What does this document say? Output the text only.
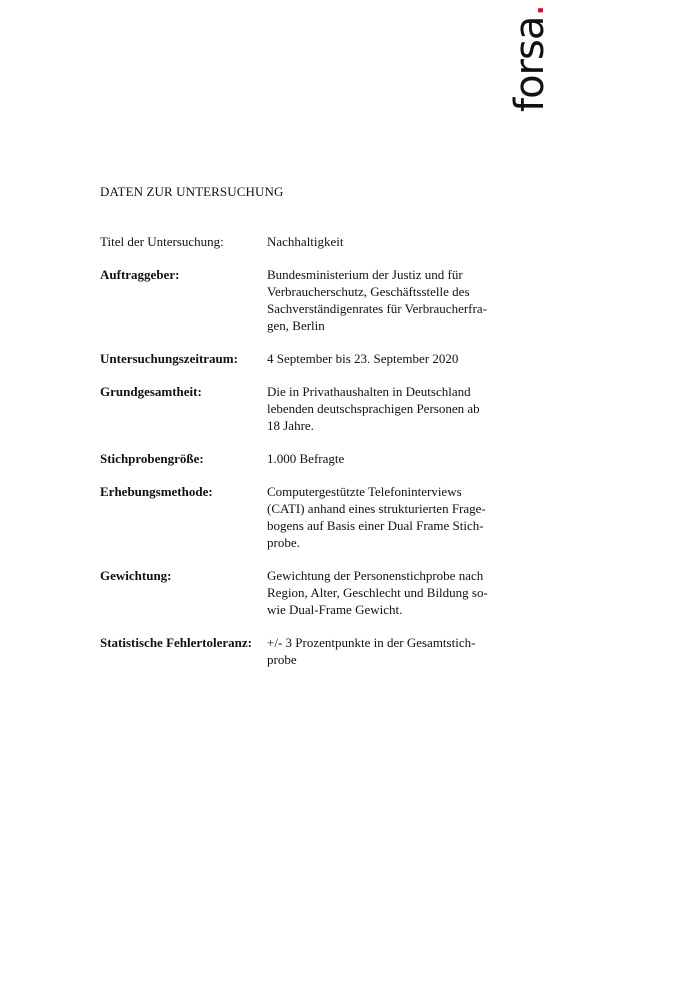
forsa.
DATEN ZUR UNTERSUCHUNG
Titel der Untersuchung:	Nachhaltigkeit
Auftraggeber:	Bundesministerium der Justiz und für
Verbraucherschutz, Geschäftsstelle des
Sachverständigenrates für Verbraucherfra-
gen, Berlin
Untersuchungszeitraum:	4 September bis 23. September 2020
Grundgesamtheit:	Die in Privathaushalten in Deutschland
lebenden deutschsprachigen Personen ab
18 Jahre.
Stichprobengröße:	1.000 Befragte
Erhebungsmethode:	Computergestützte Telefoninterviews
(CATI) anhand eines strukturierten Frage-
bogens auf Basis einer Dual Frame Stich-
probe.
Gewichtung:	Gewichtung der Personenstichprobe nach
Region, Alter, Geschlecht und Bildung so-
wie Dual-Frame Gewicht.
Statistische Fehlertoleranz:	+/- 3 Prozentpunkte in der Gesamtstich-
probe
